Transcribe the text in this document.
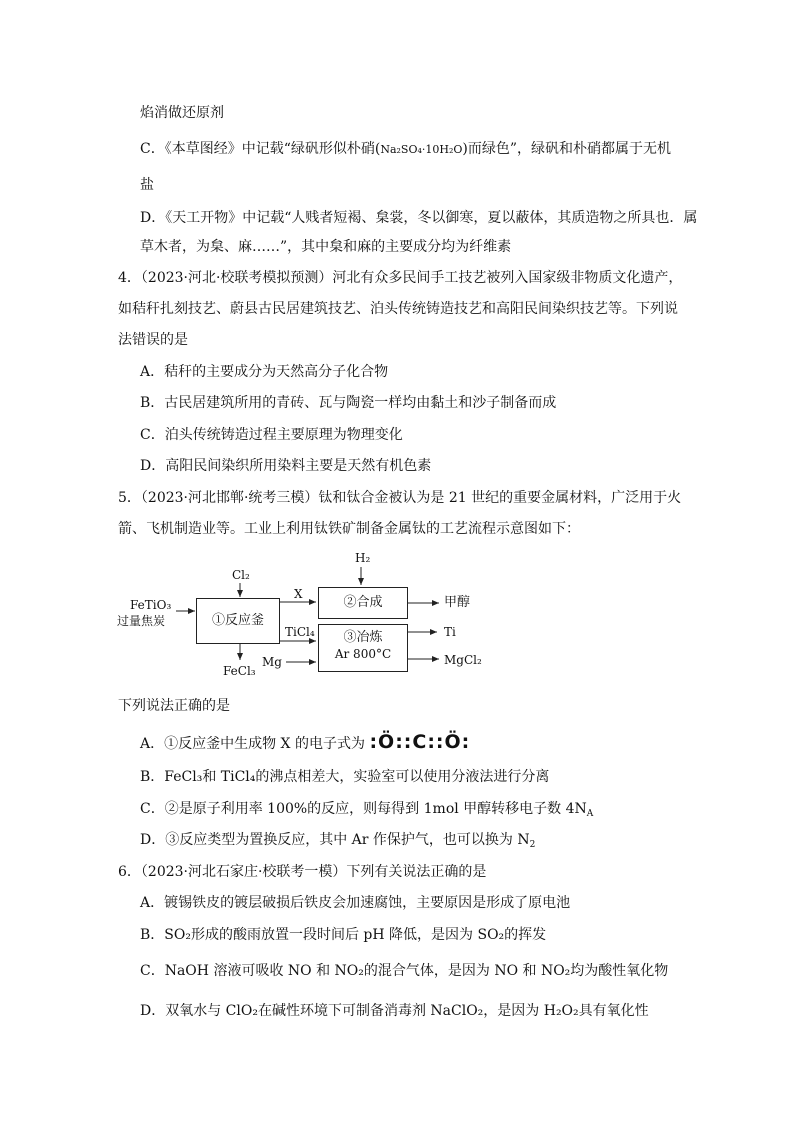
焰消做还原剂
C．《本草图经》中记载“绿矾形似朴硝(Na₂SO₄·10H₂O)而绿色”，绿矾和朴硝都属于无机
盐
D．《天工开物》中记载“人贱者短褐、枲裳，冬以御寒，夏以蔽体，其质造物之所具也．属
草木者，为枲、麻……”，其中枲和麻的主要成分均为纤维素
4．（2023·河北·校联考模拟预测）河北有众多民间手工技艺被列入国家级非物质文化遗产，
如秸秆扎刻技艺、蔚县古民居建筑技艺、泊头传统铸造技艺和高阳民间染织技艺等。下列说
法错误的是
A．秸秆的主要成分为天然高分子化合物
B．古民居建筑所用的青砖、瓦与陶瓷一样均由黏土和沙子制备而成
C．泊头传统铸造过程主要原理为物理变化
D．高阳民间染织所用染料主要是天然有机色素
5．（2023·河北邯郸·统考三模）钛和钛合金被认为是 21 世纪的重要金属材料，广泛用于火
箭、飞机制造业等。工业上利用钛铁矿制备金属钛的工艺流程示意图如下：
①反应釜
②合成
③冶炼
Ar 800°C
FeTiO₃
过量焦炭
Cl₂
X
TiCl₄
FeCl₃
H₂
Mg
甲醇
Ti
MgCl₂
下列说法正确的是
A．①反应釜中生成物 X 的电子式为 :Ö::C::Ö:
B．FeCl₃和 TiCl₄的沸点相差大，实验室可以使用分液法进行分离
C．②是原子利用率 100%的反应，则每得到 1mol 甲醇转移电子数 $4N_A$
D．③反应类型为置换反应，其中 Ar 作保护气，也可以换为 $N_2$
6．（2023·河北石家庄·校联考一模）下列有关说法正确的是
A．镀锡铁皮的镀层破损后铁皮会加速腐蚀，主要原因是形成了原电池
B．SO₂形成的酸雨放置一段时间后 pH 降低，是因为 SO₂的挥发
C．NaOH 溶液可吸收 NO 和 NO₂的混合气体，是因为 NO 和 NO₂均为酸性氧化物
D．双氧水与 ClO₂在碱性环境下可制备消毒剂 NaClO₂，是因为 H₂O₂具有氧化性
